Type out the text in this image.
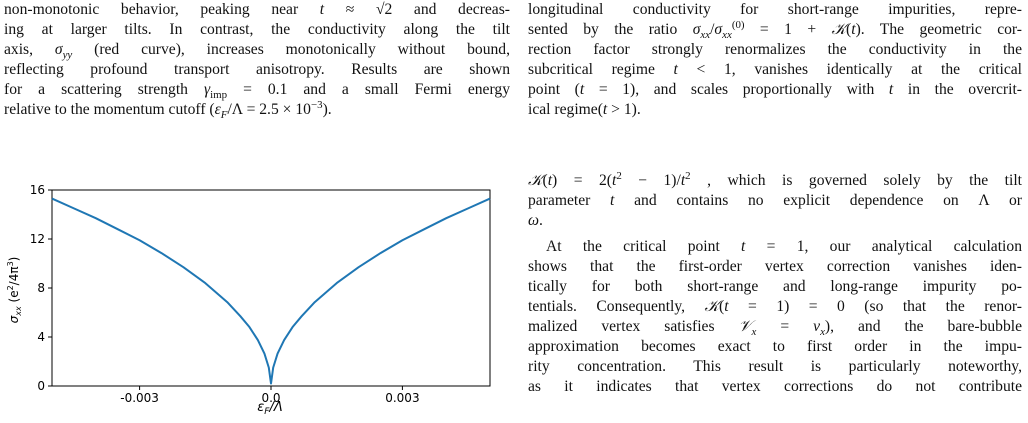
non-monotonic behavior, peaking near t ≈ √2 and decreas-
ing at larger tilts. In contrast, the conductivity along the tilt
axis, $\sigma_{yy}$ (red curve), increases monotonically without bound,
reflecting profound transport anisotropy. Results are shown
for a scattering strength $\gamma_{imp} = 0.1$ and a small Fermi energy
relative to the momentum cutoff $(\varepsilon_F/\Lambda = 2.5 \times 10^{-3})$.

-0.003	0.0	0.003
0
4
8
12
16
$\varepsilon_F/\Lambda$
$\sigma_{xx}$ $(e^2/4\pi^3)$

longitudinal conductivity for short-range impurities, repre-
sented by the ratio $\sigma_{xx}/\sigma_{xx}^{(0)} = 1$ + 𝒦(t). The geometric cor-
rection factor strongly renormalizes the conductivity in the
subcritical regime t < 1, vanishes identically at the critical
point (t = 1), and scales proportionally with t in the overcrit-
ical regime(t > 1).

𝒦(t) = $2(t^2 - 1)/t^2$ , which is governed solely by the tilt
parameter t and contains no explicit dependence on Λ or
ω.

At the critical point t = 1, our analytical calculation
shows that the first-order vertex correction vanishes iden-
tically for both short-range and long-range impurity po-
tentials. Consequently, 𝒦(t = 1) = 0 (so that the renor-
malized vertex satisfies 𝒱$_x$ = $v_x$), and the bare-bubble
approximation becomes exact to first order in the impu-
rity concentration. This result is particularly noteworthy,
as it indicates that vertex corrections do not contribute
